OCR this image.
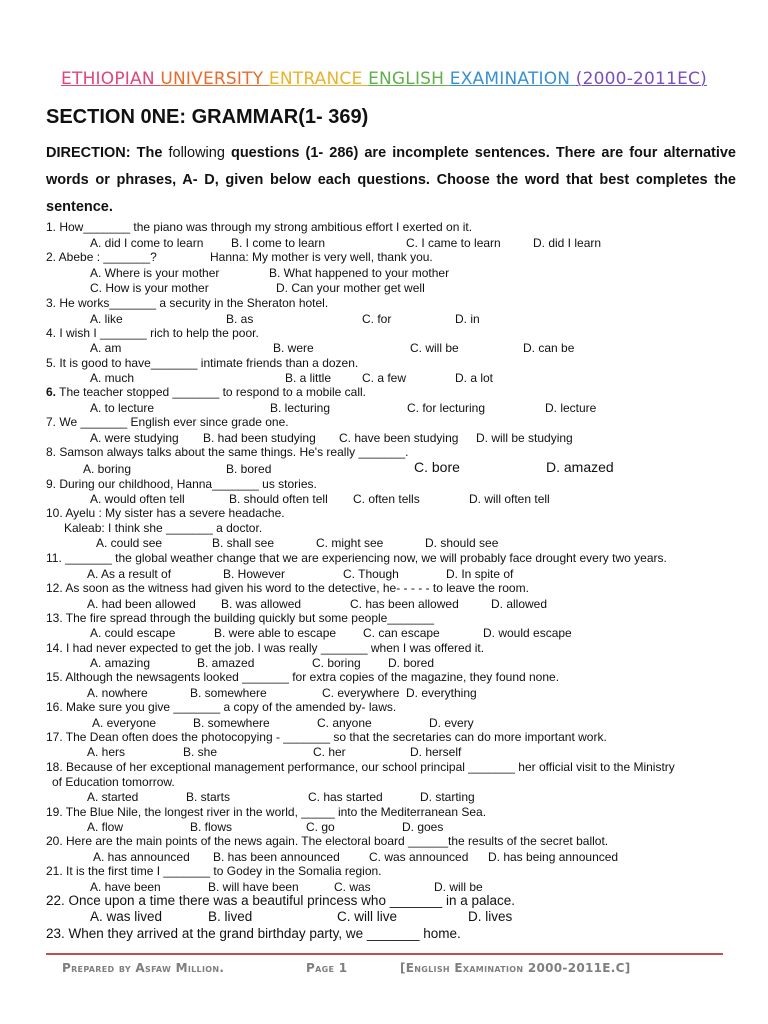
ETHIOPIAN UNIVERSITY ENTRANCE ENGLISH EXAMINATION (2000-2011EC)
SECTION 0NE: GRAMMAR(1- 369)
DIRECTION: The following questions (1- 286) are incomplete sentences. There are four alternative words or phrases, A- D, given below each questions. Choose the word that best completes the sentence.
1. How_______ the piano was through my strong ambitious effort I exerted on it.
A. did I come to learn B. I come to learn	C. I came to learn	D. did I learn
2. Abebe : _______?	Hanna: My mother is very well, thank you.
A. Where is your mother	B. What happened to your mother
C. How is your mother	D. Can your mother get well
3. He works_______ a security in the Sheraton hotel.
A. like	B. as	C. for	D. in
4. I wish I _______ rich to help the poor.
A. am	B. were	C. will be	D. can be
5. It is good to have_______ intimate friends than a dozen.
A. much	B. a little	C. a few	D. a lot
6. The teacher stopped _______ to respond to a mobile call.
A. to lecture	B. lecturing	C. for lecturing	D. lecture
7. We _______ English ever since grade one.
A. were studying B. had been studying C. have been studying D. will be studying
8. Samson always talks about the same things. He's really _______.
A. boring	B. bored	C. bore	D. amazed
9. During our childhood, Hanna_______ us stories.
A. would often tell	B. should often tell C. often tells	D. will often tell
10. Ayelu : My sister has a severe headache.
Kaleab: I think she _______ a doctor.
A. could see	B. shall see	C. might see	D. should see
11. _______ the global weather change that we are experiencing now, we will probably face drought every two years.
A. As a result of	B. However	C. Though	D. In spite of
12. As soon as the witness had given his word to the detective, he- - - - - to leave the room.
A. had been allowed B. was allowed	C. has been allowed	D. allowed
13. The fire spread through the building quickly but some people_______
A. could escape	B. were able to escape C. can escape	D. would escape
14. I had never expected to get the job. I was really _______ when I was offered it.
A. amazing	B. amazed	C. boring D. bored
15. Although the newsagents looked _______ for extra copies of the magazine, they found none.
A. nowhere	B. somewhere	C. everywhere D. everything
16. Make sure you give _______ a copy of the amended by- laws.
A. everyone	B. somewhere	C. anyone	D. every
17. The Dean often does the photocopying - _______ so that the secretaries can do more important work.
A. hers	B. she	C. her	D. herself
18. Because of her exceptional management performance, our school principal _______ her official visit to the Ministry
of Education tomorrow.
A. started	B. starts	C. has started	D. starting
19. The Blue Nile, the longest river in the world, _____ into the Mediterranean Sea.
A. flow	B. flows	C. go	D. goes
20. Here are the main points of the news again. The electoral board ______the results of the secret ballot.
A. has announced B. has been announced C. was announced D. has being announced
21. It is the first time I _______ to Godey in the Somalia region.
A. have been	B. will have been	C. was	D. will be
22. Once upon a time there was a beautiful princess who _______ in a palace.
A. was lived	B. lived	C. will live	D. lives
23. When they arrived at the grand birthday party, we _______ home.
Prepared by Asfaw Million.	Page 1	[English Examination 2000-2011E.C]
